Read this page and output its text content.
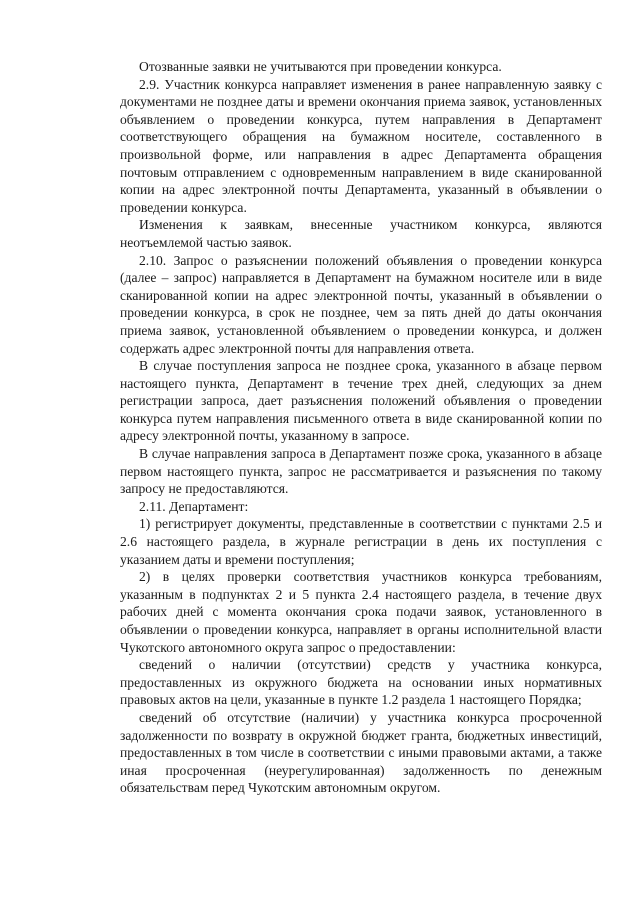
Отозванные заявки не учитываются при проведении конкурса.

2.9. Участник конкурса направляет изменения в ранее направленную заявку с документами не позднее даты и времени окончания приема заявок, установленных объявлением о проведении конкурса, путем направления в Департамент соответствующего обращения на бумажном носителе, составленного в произвольной форме, или направления в адрес Департамента обращения почтовым отправлением с одновременным направлением в виде сканированной копии на адрес электронной почты Департамента, указанный в объявлении о проведении конкурса.

Изменения к заявкам, внесенные участником конкурса, являются неотъемлемой частью заявок.

2.10. Запрос о разъяснении положений объявления о проведении конкурса (далее – запрос) направляется в Департамент на бумажном носителе или в виде сканированной копии на адрес электронной почты, указанный в объявлении о проведении конкурса, в срок не позднее, чем за пять дней до даты окончания приема заявок, установленной объявлением о проведении конкурса, и должен содержать адрес электронной почты для направления ответа.

В случае поступления запроса не позднее срока, указанного в абзаце первом настоящего пункта, Департамент в течение трех дней, следующих за днем регистрации запроса, дает разъяснения положений объявления о проведении конкурса путем направления письменного ответа в виде сканированной копии по адресу электронной почты, указанному в запросе.

В случае направления запроса в Департамент позже срока, указанного в абзаце первом настоящего пункта, запрос не рассматривается и разъяснения по такому запросу не предоставляются.

2.11. Департамент:

1) регистрирует документы, представленные в соответствии с пунктами 2.5 и 2.6 настоящего раздела, в журнале регистрации в день их поступления с указанием даты и времени поступления;

2) в целях проверки соответствия участников конкурса требованиям, указанным в подпунктах 2 и 5 пункта 2.4 настоящего раздела, в течение двух рабочих дней с момента окончания срока подачи заявок, установленного в объявлении о проведении конкурса, направляет в органы исполнительной власти Чукотского автономного округа запрос о предоставлении:

сведений о наличии (отсутствии) средств у участника конкурса, предоставленных из окружного бюджета на основании иных нормативных правовых актов на цели, указанные в пункте 1.2 раздела 1 настоящего Порядка;

сведений об отсутствие (наличии) у участника конкурса просроченной задолженности по возврату в окружной бюджет гранта, бюджетных инвестиций, предоставленных в том числе в соответствии с иными правовыми актами, а также иная просроченная (неурегулированная) задолженность по денежным обязательствам перед Чукотским автономным округом.
